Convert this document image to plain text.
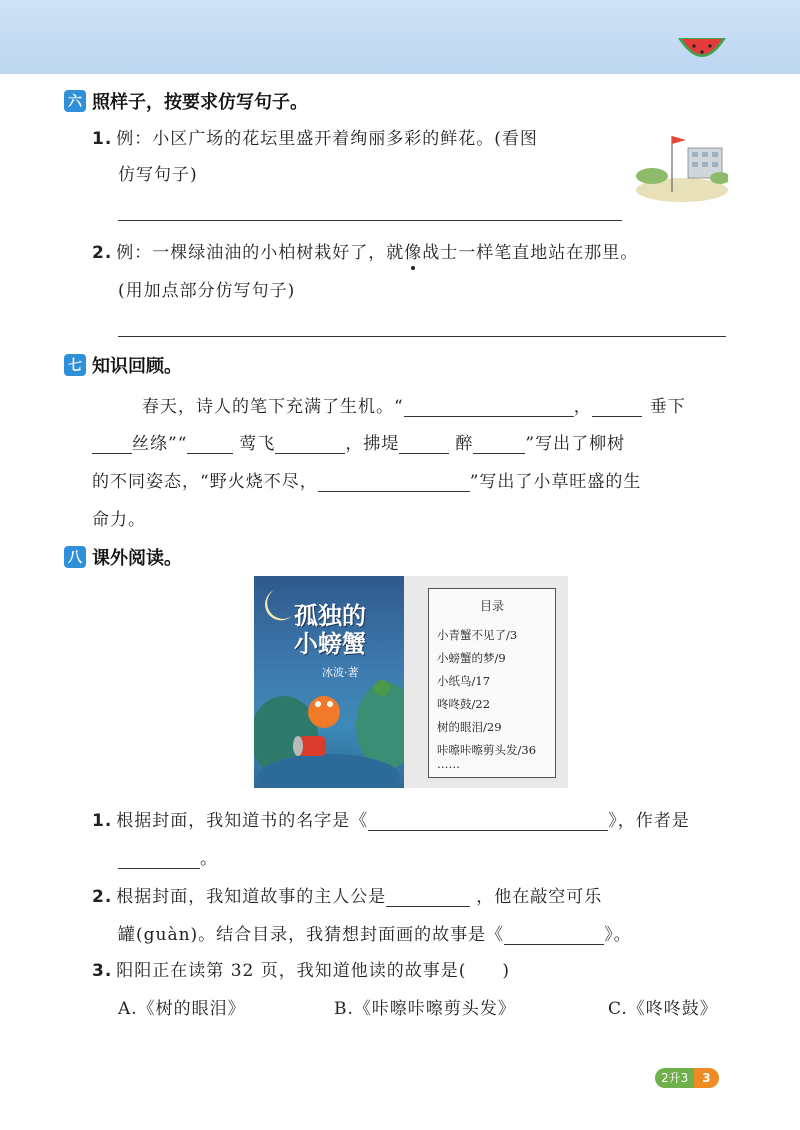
六 照样子，按要求仿写句子。
1. 例：小区广场的花坛里盛开着绚丽多彩的鲜花。(看图
仿写句子)
2. 例：一棵绿油油的小柏树栽好了，就像战士一样笔直地站在那里。
(用加点部分仿写句子)
七 知识回顾。
春天，诗人的笔下充满了生机。“	，	垂下
丝绦”“	莺飞	，拂堤	醉	”写出了柳树
的不同姿态，“野火烧不尽，	”写出了小草旺盛的生
命力。
八 课外阅读。
孤独的
小螃蟹
冰波·著
目录
小青蟹不见了/3
小螃蟹的梦/9
小纸鸟/17
咚咚鼓/22
树的眼泪/29
咔嚓咔嚓剪头发/36
……
1. 根据封面，我知道书的名字是《	》，作者是
。
2. 根据封面，我知道故事的主人公是	，他在敲空可乐
罐(guàn)。结合目录，我猜想封面画的故事是《	》。
3. 阳阳正在读第 32 页，我知道他读的故事是(　　)
A.《树的眼泪》	B.《咔嚓咔嚓剪头发》	C.《咚咚鼓》
2升3	3
